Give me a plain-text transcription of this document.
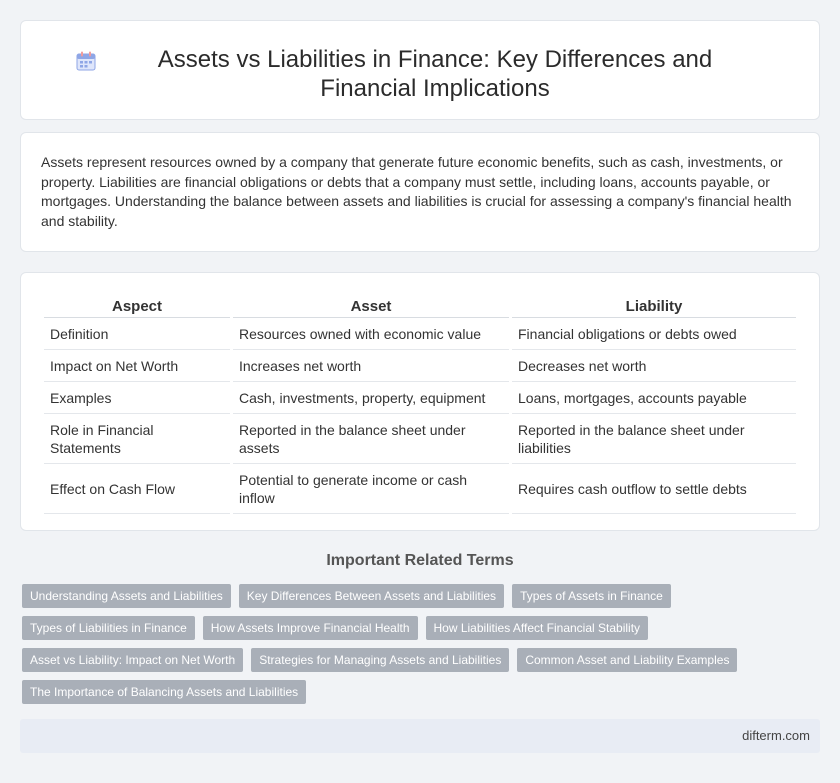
Assets vs Liabilities in Finance: Key Differences and Financial Implications

Assets represent resources owned by a company that generate future economic benefits, such as cash, investments, or property. Liabilities are financial obligations or debts that a company must settle, including loans, accounts payable, or mortgages. Understanding the balance between assets and liabilities is crucial for assessing a company's financial health and stability.

Aspect	Asset	Liability
Definition	Resources owned with economic value	Financial obligations or debts owed
Impact on Net Worth	Increases net worth	Decreases net worth
Examples	Cash, investments, property, equipment	Loans, mortgages, accounts payable
Role in Financial Statements	Reported in the balance sheet under assets	Reported in the balance sheet under liabilities
Effect on Cash Flow	Potential to generate income or cash inflow	Requires cash outflow to settle debts
Important Related Terms
Understanding Assets and Liabilities	Key Differences Between Assets and Liabilities	Types of Assets in Finance
Types of Liabilities in Finance	How Assets Improve Financial Health	How Liabilities Affect Financial Stability
Asset vs Liability: Impact on Net Worth	Strategies for Managing Assets and Liabilities	Common Asset and Liability Examples
The Importance of Balancing Assets and Liabilities
difterm.com
